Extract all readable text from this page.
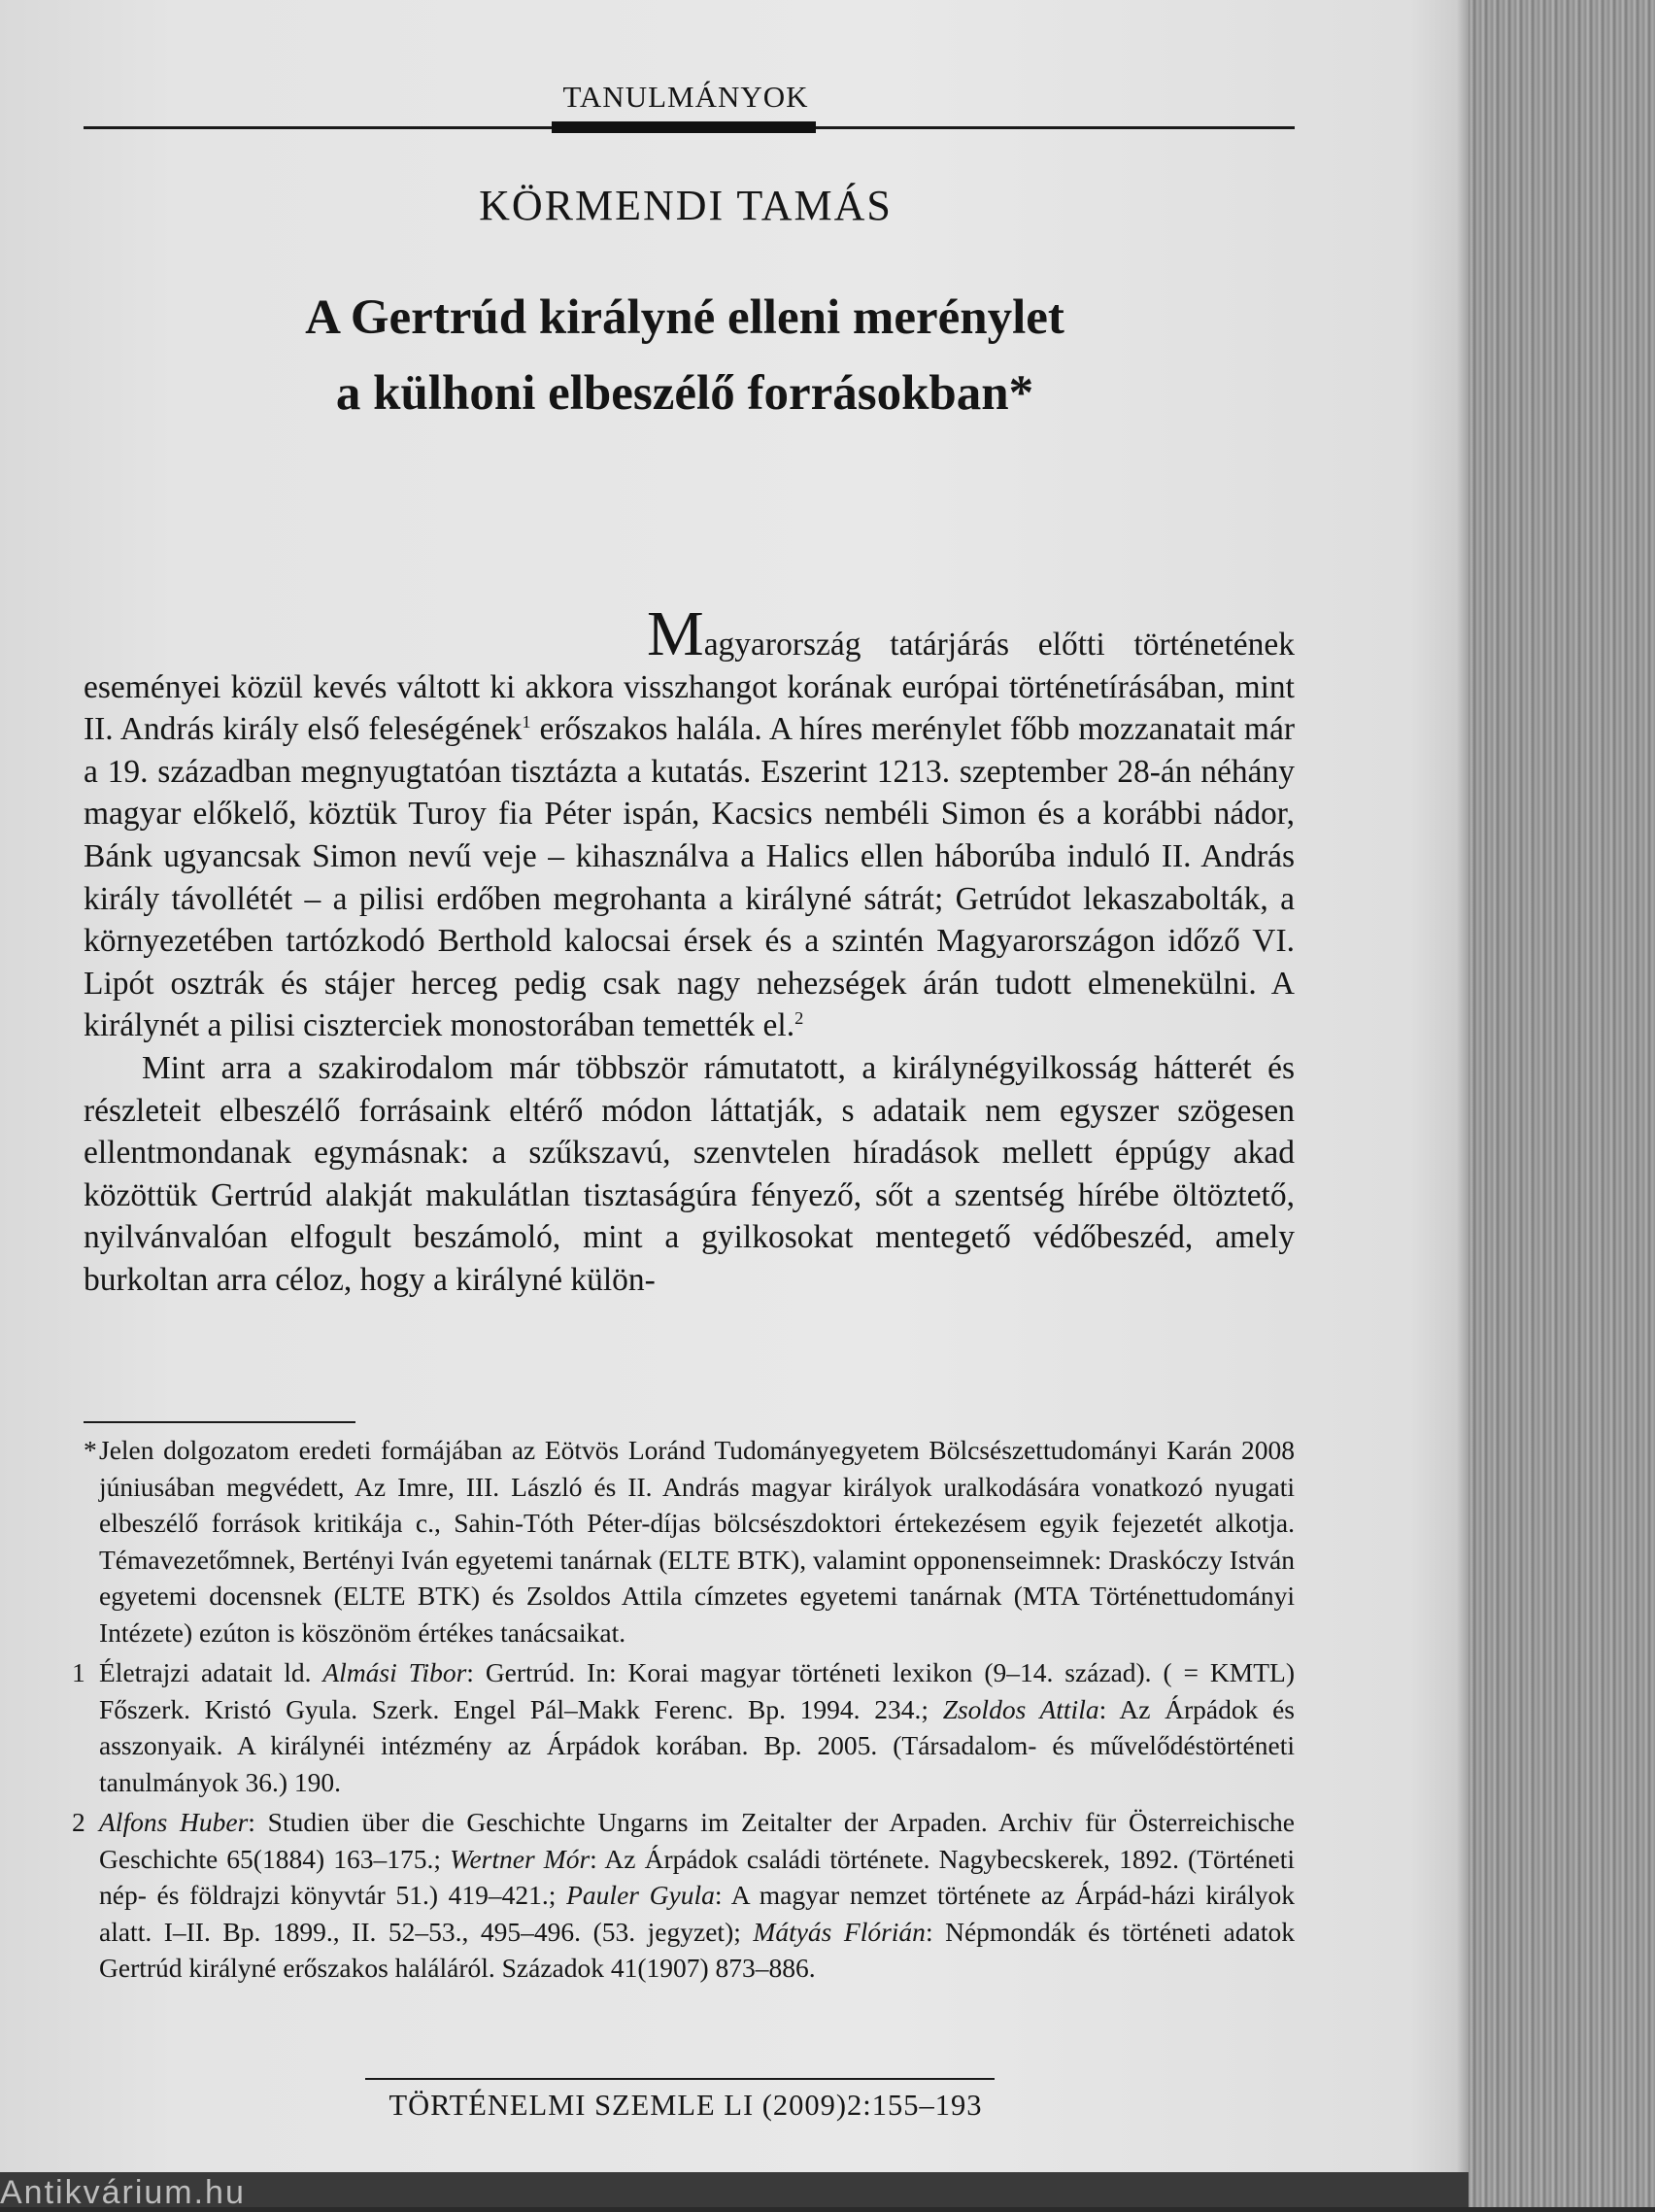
TANULMÁNYOK
KÖRMENDI TAMÁS
A Gertrúd királyné elleni merénylet
a külhoni elbeszélő forrásokban*

Magyarország tatárjárás előtti történetének eseményei közül kevés váltott ki akkora visszhangot korának európai történetírásában, mint II. András király első feleségének$^1$ erőszakos halála. A híres merénylet főbb mozzanatait már a 19. században megnyugtatóan tisztázta a kutatás. Eszerint 1213. szeptember 28-án néhány magyar előkelő, köztük Turoy fia Péter ispán, Kacsics nembéli Simon és a korábbi nádor, Bánk ugyancsak Simon nevű veje – kihasználva a Halics ellen háborúba induló II. András király távollétét – a pilisi erdőben megrohanta a királyné sátrát; Getrúdot lekaszabolták, a környezetében tartózkodó Berthold kalocsai érsek és a szintén Magyarországon időző VI. Lipót osztrák és stájer herceg pedig csak nagy nehezségek árán tudott elmenekülni. A királynét a pilisi ciszterciek monostorában temették el.$^2$

Mint arra a szakirodalom már többször rámutatott, a királynégyilkosság hátterét és részleteit elbeszélő forrásaink eltérő módon láttatják, s adataik nem egyszer szögesen ellentmondanak egymásnak: a szűkszavú, szenvtelen híradások mellett éppúgy akad közöttük Gertrúd alakját makulátlan tisztaságúra fényező, sőt a szentség hírébe öltöztető, nyilvánvalóan elfogult beszámoló, mint a gyilkosokat mentegető védőbeszéd, amely burkoltan arra céloz, hogy a királyné külön-

* Jelen dolgozatom eredeti formájában az Eötvös Loránd Tudományegyetem Bölcsészettudományi Karán 2008 júniusában megvédett, Az Imre, III. László és II. András magyar királyok uralkodására vonatkozó nyugati elbeszélő források kritikája c., Sahin-Tóth Péter-díjas bölcsészdoktori értekezésem egyik fejezetét alkotja. Témavezetőmnek, Bertényi Iván egyetemi tanárnak (ELTE BTK), valamint opponenseimnek: Draskóczy István egyetemi docensnek (ELTE BTK) és Zsoldos Attila címzetes egyetemi tanárnak (MTA Történettudományi Intézete) ezúton is köszönöm értékes tanácsaikat.

1 Életrajzi adatait ld. Almási Tibor: Gertrúd. In: Korai magyar történeti lexikon (9–14. század). ( = KMTL) Főszerk. Kristó Gyula. Szerk. Engel Pál–Makk Ferenc. Bp. 1994. 234.; Zsoldos Attila: Az Árpádok és asszonyaik. A királynéi intézmény az Árpádok korában. Bp. 2005. (Társadalom- és művelődéstörténeti tanulmányok 36.) 190.

2 Alfons Huber: Studien über die Geschichte Ungarns im Zeitalter der Arpaden. Archiv für Österreichische Geschichte 65(1884) 163–175.; Wertner Mór: Az Árpádok családi története. Nagybecskerek, 1892. (Történeti nép- és földrajzi könyvtár 51.) 419–421.; Pauler Gyula: A magyar nemzet története az Árpád-házi királyok alatt. I–II. Bp. 1899., II. 52–53., 495–496. (53. jegyzet); Mátyás Flórián: Népmondák és történeti adatok Gertrúd királyné erőszakos haláláról. Századok 41(1907) 873–886.

TÖRTÉNELMI SZEMLE LI (2009)2:155–193
Antikvárium.hu
